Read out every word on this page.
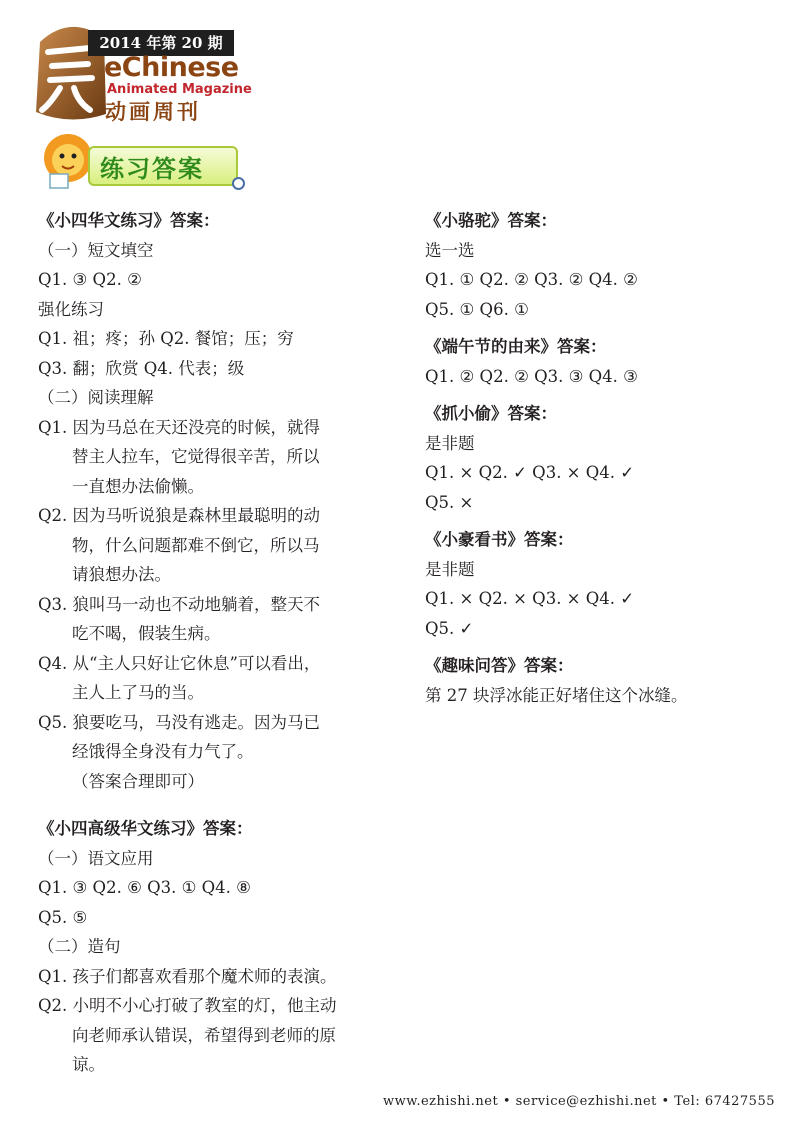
2014 年第 20 期
eChinese
Animated Magazine
动画周刊
练习答案
《小四华文练习》答案：
（一）短文填空
Q1. ③ Q2. ②
强化练习
Q1. 祖；疼；孙 Q2. 餐馆；压；穷
Q3. 翻；欣赏 Q4. 代表；级
（二）阅读理解
Q1. 因为马总在天还没亮的时候，就得
替主人拉车，它觉得很辛苦，所以
一直想办法偷懒。
Q2. 因为马听说狼是森林里最聪明的动
物，什么问题都难不倒它，所以马
请狼想办法。
Q3. 狼叫马一动也不动地躺着，整天不
吃不喝，假装生病。
Q4. 从“主人只好让它休息”可以看出，
主人上了马的当。
Q5. 狼要吃马，马没有逃走。因为马已
经饿得全身没有力气了。
（答案合理即可）
《小四高级华文练习》答案：
（一）语文应用
Q1. ③ Q2. ⑥ Q3. ① Q4. ⑧
Q5. ⑤
（二）造句
Q1. 孩子们都喜欢看那个魔术师的表演。
Q2. 小明不小心打破了教室的灯，他主动
向老师承认错误，希望得到老师的原
谅。
《小骆驼》答案：
选一选
Q1. ① Q2. ② Q3. ② Q4. ②
Q5. ① Q6. ①
《端午节的由来》答案：
Q1. ② Q2. ② Q3. ③ Q4. ③
《抓小偷》答案：
是非题
Q1. × Q2. ✓ Q3. × Q4. ✓
Q5. ×
《小豪看书》答案：
是非题
Q1. × Q2. × Q3. × Q4. ✓
Q5. ✓
《趣味问答》答案：
第 27 块浮冰能正好堵住这个冰缝。
www.ezhishi.net • service@ezhishi.net • Tel: 67427555
